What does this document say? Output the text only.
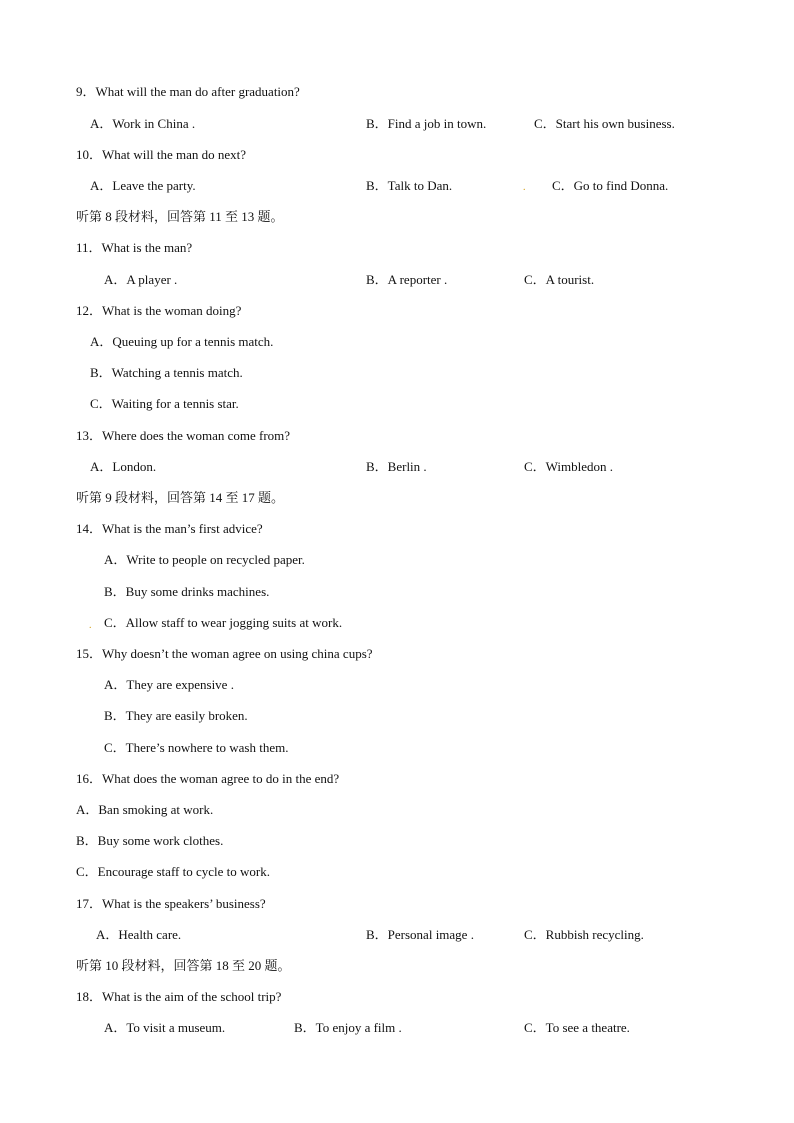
9．What will the man do after graduation?
A．Work in China .	B．Find a job in town.	C．Start his own business.
10．What will the man do next?
A．Leave the party.	B．Talk to Dan.	. C．Go to find Donna.
听第 8 段材料，回答第 11 至 13 题。
11．What is the man?
A．A player .	B．A reporter .	C．A tourist.
12．What is the woman doing?
A．Queuing up for a tennis match.
B．Watching a tennis match.
C．Waiting for a tennis star.
13．Where does the woman come from?
A．London.	B．Berlin .	C．Wimbledon .
听第 9 段材料，回答第 14 至 17 题。
14．What is the man’s first advice?
A．Write to people on recycled paper.
B．Buy some drinks machines.
. C．Allow staff to wear jogging suits at work.
15．Why doesn’t the woman agree on using china cups?
A．They are expensive .
B．They are easily broken.
C．There’s nowhere to wash them.
16．What does the woman agree to do in the end?
A．Ban smoking at work.
B．Buy some work clothes.
C．Encourage staff to cycle to work.
17．What is the speakers’ business?
A．Health care.	B．Personal image .	C．Rubbish recycling.
听第 10 段材料，回答第 18 至 20 题。
18．What is the aim of the school trip?
A．To visit a museum.	B．To enjoy a film .	C．To see a theatre.
